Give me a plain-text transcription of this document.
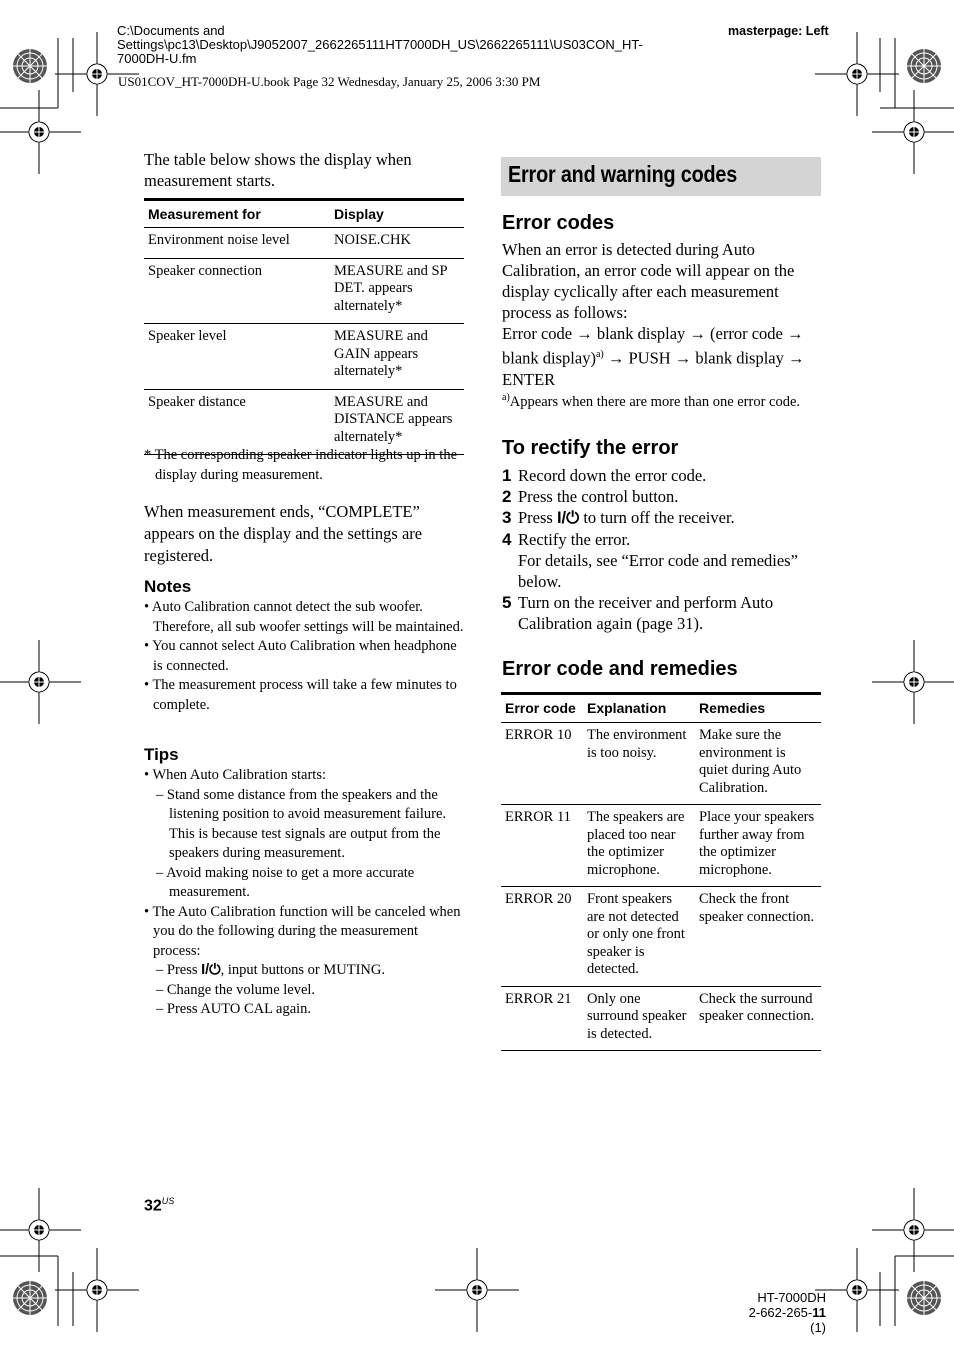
C:\Documents and
Settings\pc13\Desktop\J9052007_2662265111HT7000DH_US\2662265111\US03CON_HT-
7000DH-U.fm
masterpage: Left
US01COV_HT-7000DH-U.book Page 32 Wednesday, January 25, 2006 3:30 PM
The table below shows the display when measurement starts.
Measurement for	Display
Environment noise level	NOISE.CHK
Speaker connection	MEASURE and SP DET. appears alternately*
Speaker level	MEASURE and GAIN appears alternately*
Speaker distance	MEASURE and DISTANCE appears alternately*
* The corresponding speaker indicator lights up in the display during measurement.
When measurement ends, “COMPLETE” appears on the display and the settings are registered.
Notes
• Auto Calibration cannot detect the sub woofer. Therefore, all sub woofer settings will be maintained.
• You cannot select Auto Calibration when headphone is connected.
• The measurement process will take a few minutes to complete.
Tips
• When Auto Calibration starts:
– Stand some distance from the speakers and the listening position to avoid measurement failure. This is because test signals are output from the speakers during measurement.
– Avoid making noise to get a more accurate measurement.
• The Auto Calibration function will be canceled when you do the following during the measurement process:
– Press I/⏻, input buttons or MUTING.
– Change the volume level.
– Press AUTO CAL again.
Error and warning codes
Error codes
When an error is detected during Auto Calibration, an error code will appear on the display cyclically after each measurement process as follows:
Error code → blank display → (error code → blank display)$^{a)}$ → PUSH → blank display → ENTER
$^{a)}$Appears when there are more than one error code.
To rectify the error
1 Record down the error code.
2 Press the control button.
3 Press I/⏻ to turn off the receiver.
4 Rectify the error.
For details, see “Error code and remedies” below.
5 Turn on the receiver and perform Auto Calibration again (page 31).
Error code and remedies
Error code	Explanation	Remedies
ERROR 10	The environment is too noisy.	Make sure the environment is quiet during Auto Calibration.
ERROR 11	The speakers are placed too near the optimizer microphone.	Place your speakers further away from the optimizer microphone.
ERROR 20	Front speakers are not detected or only one front speaker is detected.	Check the front speaker connection.
ERROR 21	Only one surround speaker is detected.	Check the surround speaker connection.
$32^{US}$
HT-7000DH
2-662-265-11 (1)
